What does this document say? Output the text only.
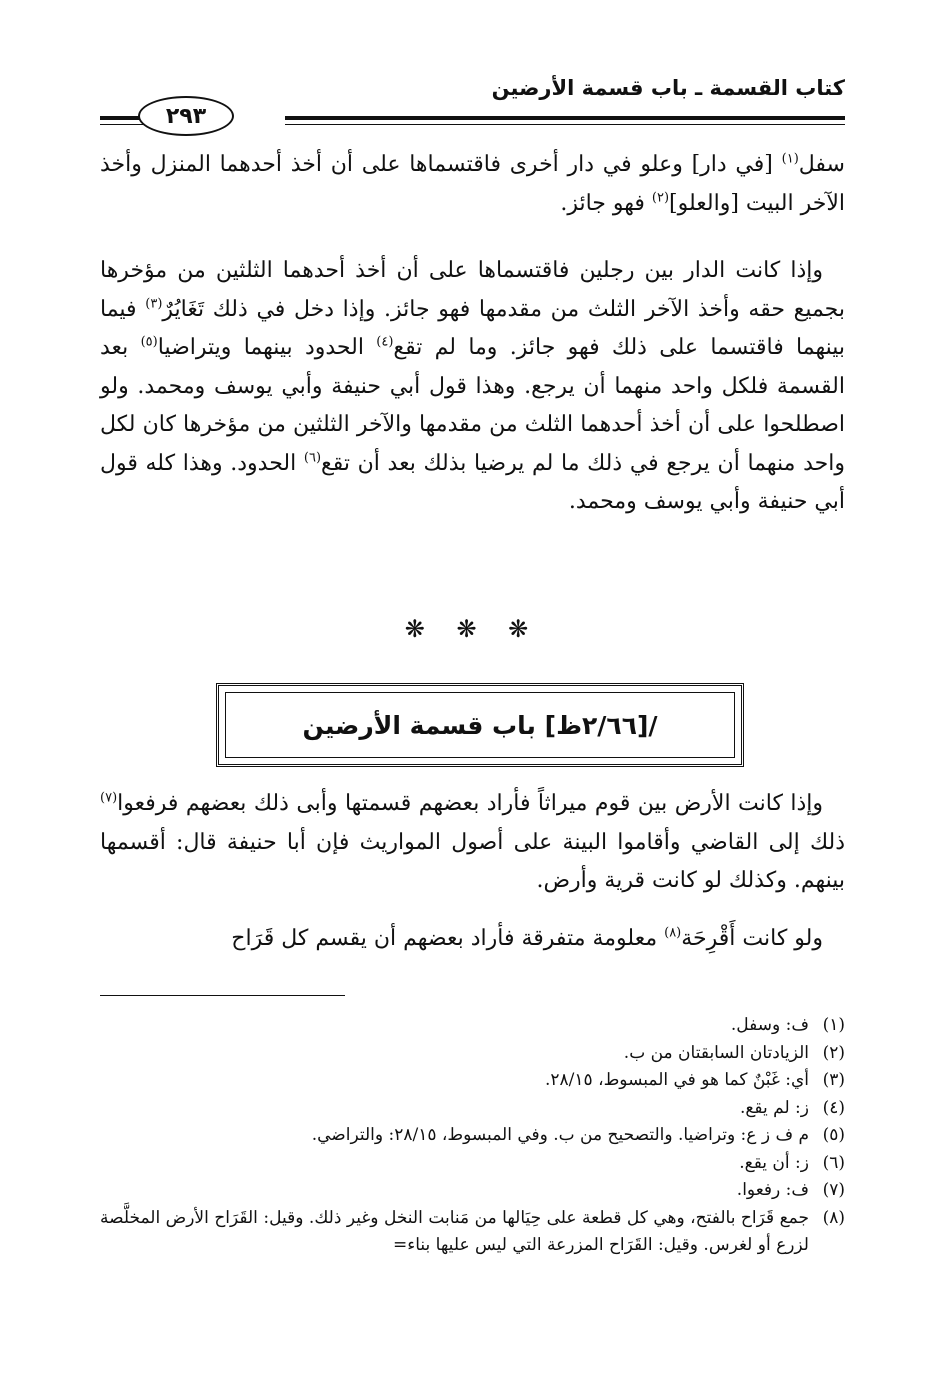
كتاب القسمة ـ باب قسمة الأرضين
٢٩٣

سفل$^{(١)}$ [في دار] وعلو في دار أخرى فاقتسماها على أن أخذ أحدهما المنزل وأخذ الآخر البيت [والعلو]$^{(٢)}$ فهو جائز.

وإذا كانت الدار بين رجلين فاقتسماها على أن أخذ أحدهما الثلثين من مؤخرها بجميع حقه وأخذ الآخر الثلث من مقدمها فهو جائز. وإذا دخل في ذلك تَغَايُرٌ$^{(٣)}$ فيما بينهما فاقتسما على ذلك فهو جائز. وما لم تقع$^{(٤)}$ الحدود بينهما ويتراضيا$^{(٥)}$ بعد القسمة فلكل واحد منهما أن يرجع. وهذا قول أبي حنيفة وأبي يوسف ومحمد. ولو اصطلحوا على أن أخذ أحدهما الثلث من مقدمها والآخر الثلثين من مؤخرها كان لكل واحد منهما أن يرجع في ذلك ما لم يرضيا بذلك بعد أن تقع$^{(٦)}$ الحدود. وهذا كله قول أبي حنيفة وأبي يوسف ومحمد.

❋ ❋ ❋
/[٢/٦٦ظ] باب قسمة الأرضين

وإذا كانت الأرض بين قوم ميراثاً فأراد بعضهم قسمتها وأبى ذلك بعضهم فرفعوا$^{(٧)}$ ذلك إلى القاضي وأقاموا البينة على أصول المواريث فإن أبا حنيفة قال: أقسمها بينهم. وكذلك لو كانت قرية وأرض.

ولو كانت أَقْرِحَة$^{(٨)}$ معلومة متفرقة فأراد بعضهم أن يقسم كل قَرَاح

(١)
ف: وسفل.
(٢)
الزيادتان السابقتان من ب.
(٣)
أي: غَبْنٌ كما هو في المبسوط، ٢٨/١٥.
(٤)
ز: لم يقع.
(٥)
م ف ز ع: وتراضيا. والتصحيح من ب. وفي المبسوط، ٢٨/١٥: والتراضي.
(٦)
ز: أن يقع.
(٧)
ف: رفعوا.
(٨)
جمع قَرَاح بالفتح، وهي كل قطعة على حِيَالها من مَنابت النخل وغير ذلك. وقيل: القَرَاح الأرض المخلَّصة لزرع أو لغرس. وقيل: القَرَاح المزرعة التي ليس عليها بناء=
